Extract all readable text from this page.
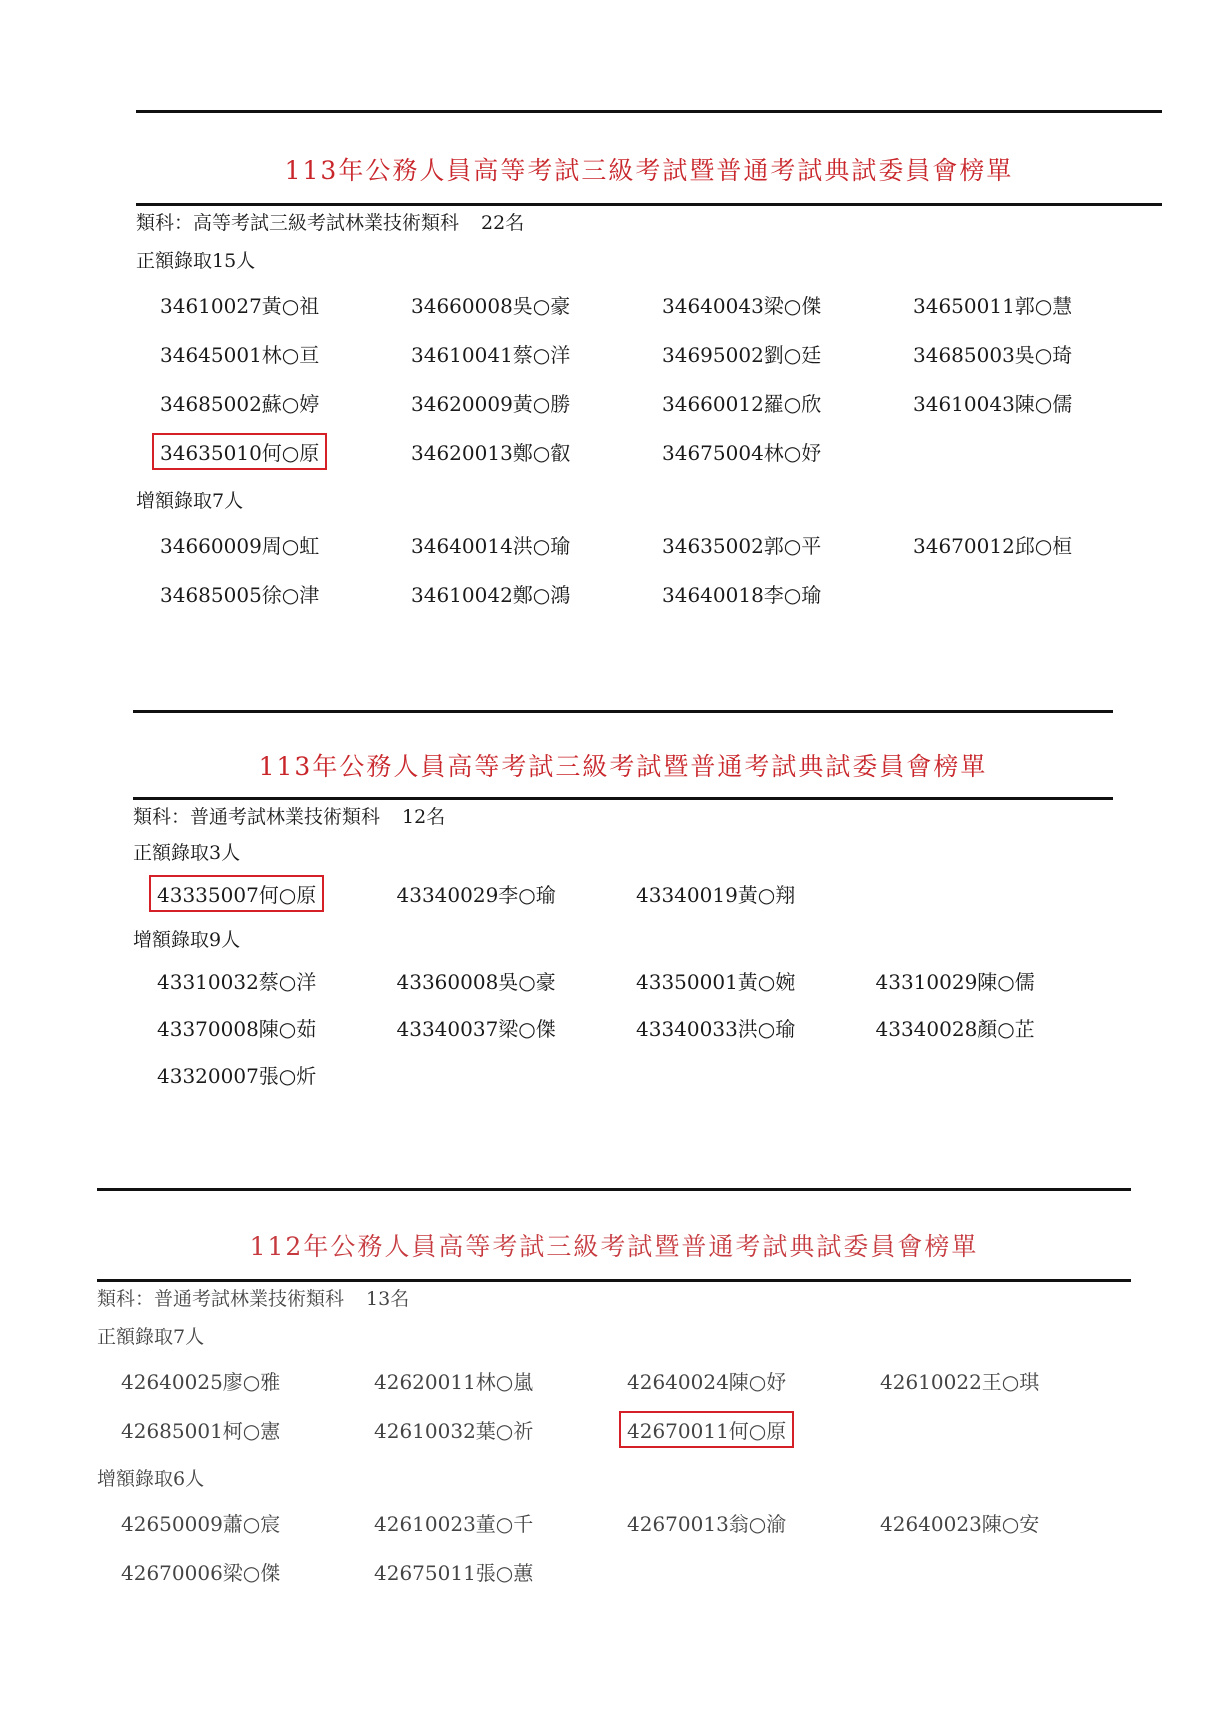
113年公務人員高等考試三級考試暨普通考試典試委員會榜單
類科：高等考試三級考試林業技術類科 22名
正額錄取15人
34610027黃○祖	34660008吳○豪	34640043梁○傑	34650011郭○慧
34645001林○亘	34610041蔡○洋	34695002劉○廷	34685003吳○琦
34685002蘇○婷	34620009黃○勝	34660012羅○欣	34610043陳○儒
34635010何○原	34620013鄭○叡	34675004林○妤
增額錄取7人
34660009周○虹	34640014洪○瑜	34635002郭○平	34670012邱○桓
34685005徐○津	34610042鄭○鴻	34640018李○瑜
113年公務人員高等考試三級考試暨普通考試典試委員會榜單
類科：普通考試林業技術類科 12名
正額錄取3人
43335007何○原	43340029李○瑜	43340019黃○翔
增額錄取9人
43310032蔡○洋	43360008吳○豪	43350001黃○婉	43310029陳○儒
43370008陳○茹	43340037梁○傑	43340033洪○瑜	43340028顏○芷
43320007張○炘
112年公務人員高等考試三級考試暨普通考試典試委員會榜單
類科：普通考試林業技術類科 13名
正額錄取7人
42640025廖○雅	42620011林○嵐	42640024陳○妤	42610022王○琪
42685001柯○憲	42610032葉○祈	42670011何○原
增額錄取6人
42650009蕭○宸	42610023董○千	42670013翁○渝	42640023陳○安
42670006梁○傑	42675011張○蕙
